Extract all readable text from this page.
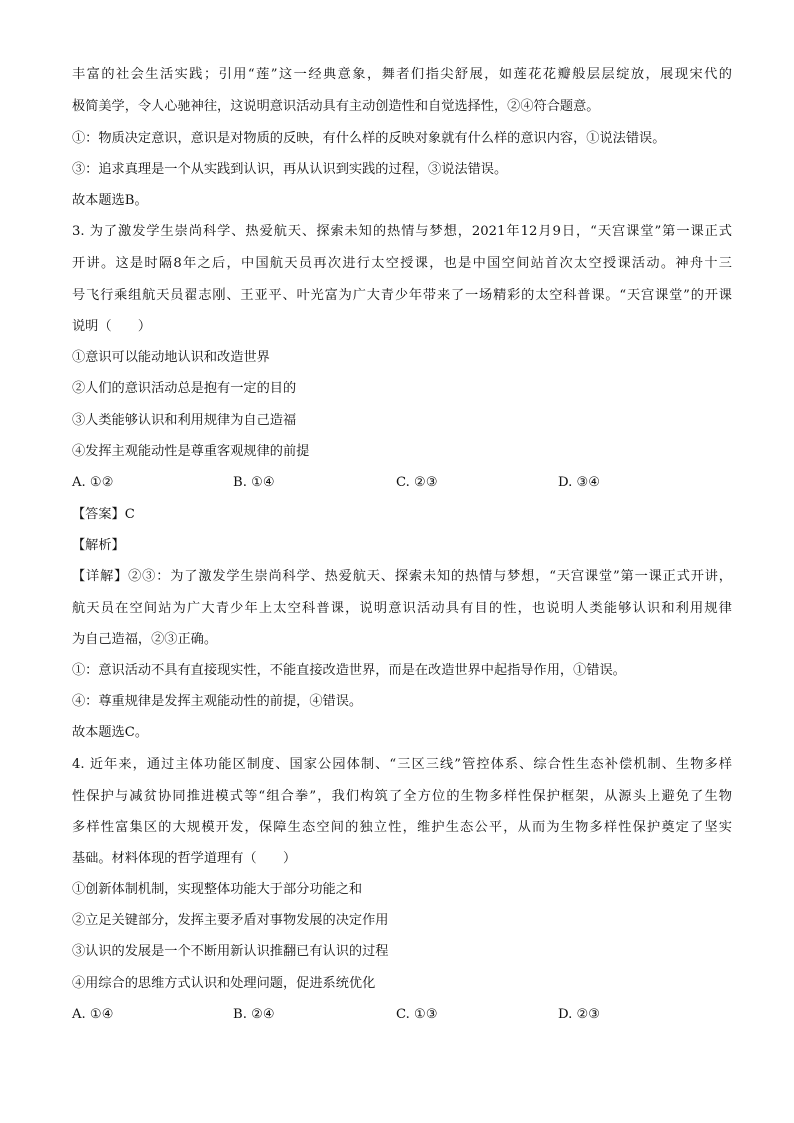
丰富的社会生活实践；引用“莲”这一经典意象，舞者们指尖舒展，如莲花花瓣般层层绽放，展现宋代的
极简美学，令人心驰神往，这说明意识活动具有主动创造性和自觉选择性，②④符合题意。
①：物质决定意识，意识是对物质的反映，有什么样的反映对象就有什么样的意识内容，①说法错误。
③：追求真理是一个从实践到认识，再从认识到实践的过程，③说法错误。
故本题选B。
3. 为了激发学生崇尚科学、热爱航天、探索未知的热情与梦想，2021年12月9日，“天宫课堂”第一课正式
开讲。这是时隔8年之后，中国航天员再次进行太空授课，也是中国空间站首次太空授课活动。神舟十三
号飞行乘组航天员翟志刚、王亚平、叶光富为广大青少年带来了一场精彩的太空科普课。“天宫课堂”的开课
说明（　　）
①意识可以能动地认识和改造世界
②人们的意识活动总是抱有一定的目的
③人类能够认识和利用规律为自己造福
④发挥主观能动性是尊重客观规律的前提
A. ①②	B. ①④	C. ②③	D. ③④
【答案】C
【解析】
【详解】②③：为了激发学生崇尚科学、热爱航天、探索未知的热情与梦想，“天宫课堂”第一课正式开讲，
航天员在空间站为广大青少年上太空科普课，说明意识活动具有目的性，也说明人类能够认识和利用规律
为自己造福，②③正确。
①：意识活动不具有直接现实性，不能直接改造世界，而是在改造世界中起指导作用，①错误。
④：尊重规律是发挥主观能动性的前提，④错误。
故本题选C。
4. 近年来，通过主体功能区制度、国家公园体制、“三区三线”管控体系、综合性生态补偿机制、生物多样
性保护与减贫协同推进模式等“组合拳”，我们构筑了全方位的生物多样性保护框架，从源头上避免了生物
多样性富集区的大规模开发，保障生态空间的独立性，维护生态公平，从而为生物多样性保护奠定了坚实
基础。材料体现的哲学道理有（　　）
①创新体制机制，实现整体功能大于部分功能之和
②立足关键部分，发挥主要矛盾对事物发展的决定作用
③认识的发展是一个不断用新认识推翻已有认识的过程
④用综合的思维方式认识和处理问题，促进系统优化
A. ①④	B. ②④	C. ①③	D. ②③
